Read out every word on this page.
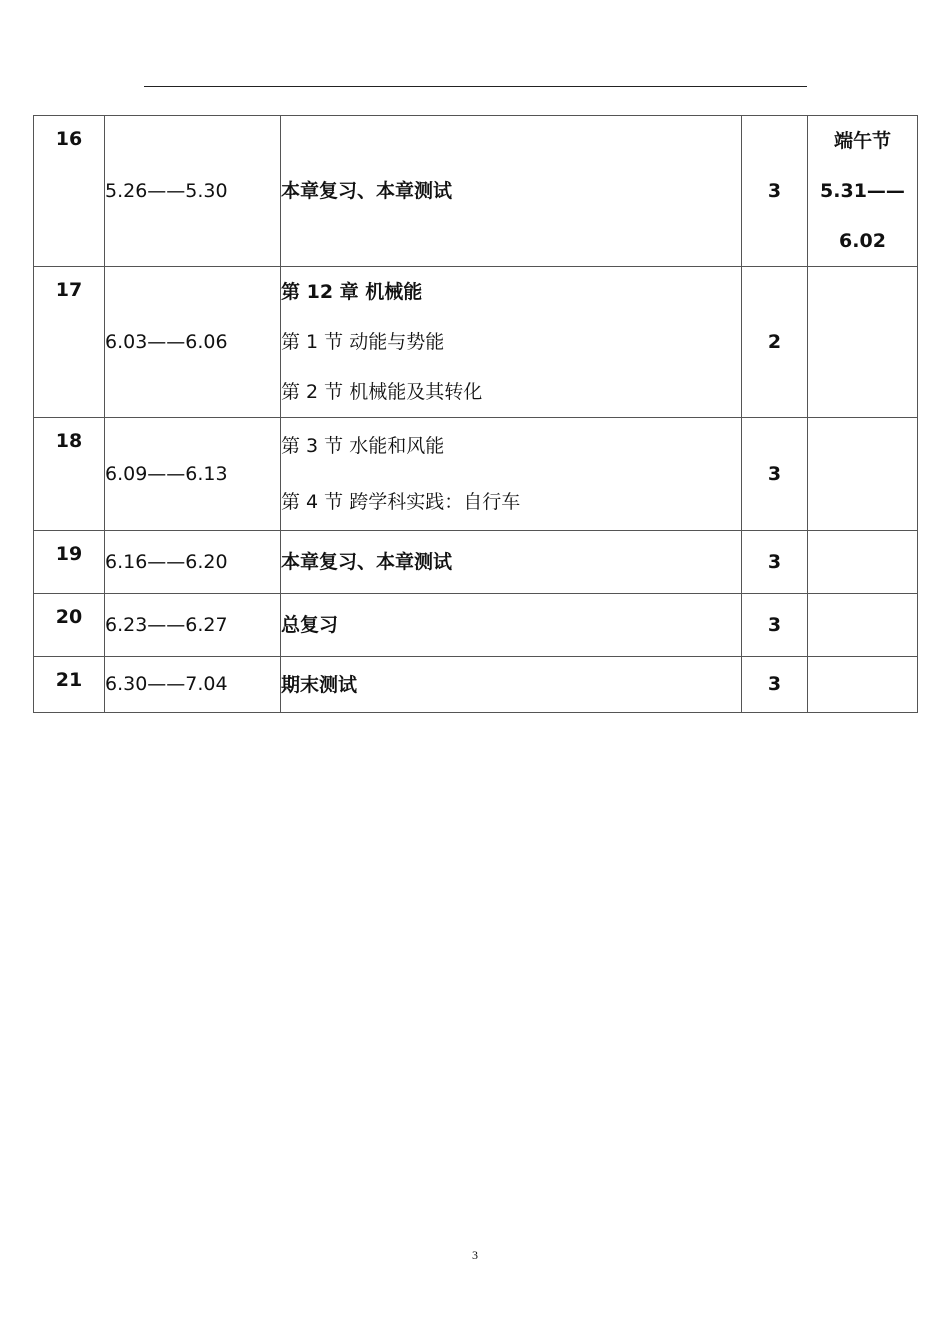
16	5.26——5.30	本章复习、本章测试	3	端午节
5.31——
6.02

17	6.03——6.06	第 12 章 机械能
第 1 节 动能与势能
第 2 节 机械能及其转化	2	

18	6.09——6.13	第 3 节 水能和风能
第 4 节 跨学科实践：自行车	3	

19	6.16——6.20	本章复习、本章测试	3	

20	6.23——6.27	总复习	3	

21	6.30——7.04	期末测试	3	
3
